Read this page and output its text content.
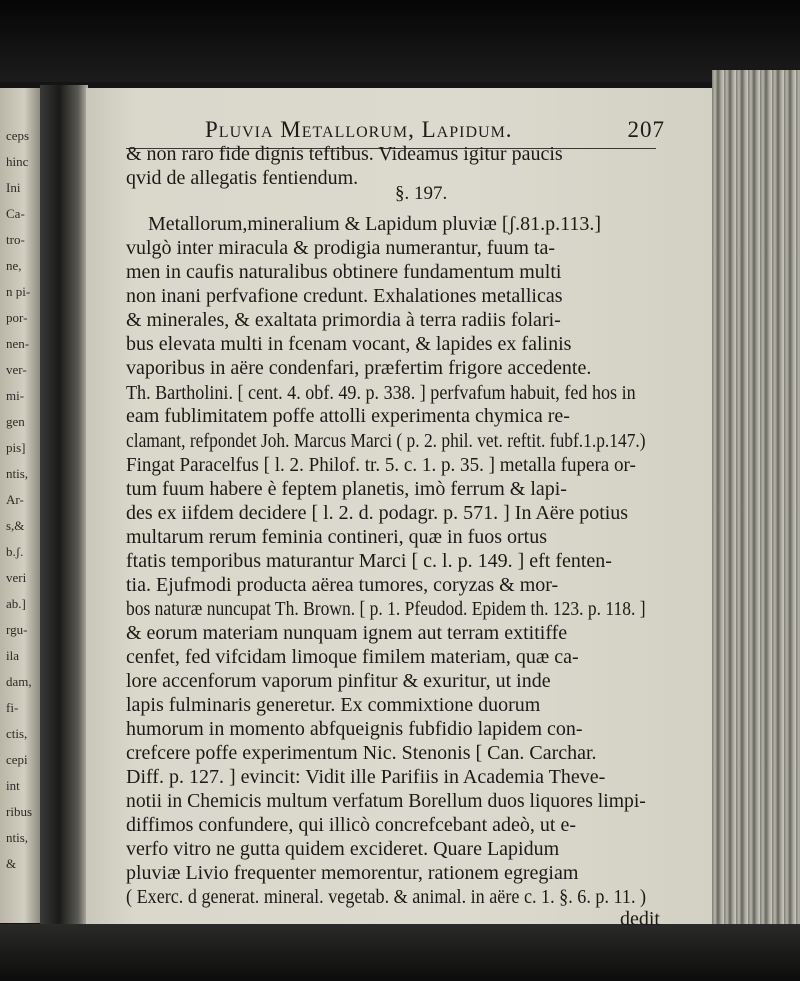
ceps
hinc
Ini
Ca-
tro-
ne,
n pi-
por-
nen-
ver-
mi-
gen
pis]
ntis,
Ar-
s,&
b.ʃ.
veri
ab.]
rgu-
ila
dam,
fi-
ctis,
cepi
int
ribus
ntis,
&
Pluvia Metallorum, Lapidum.	207
§. 197.
& non raro fide dignis teftibus. Videamus igitur paucis
qvid de allegatis fentiendum.
Metallorum,mineralium & Lapidum pluviæ [ʃ.81.p.113.]
vulgò inter miracula & prodigia numerantur, fuum ta-
men in caufis naturalibus obtinere fundamentum multi
non inani perfvafione credunt. Exhalationes metallicas
& minerales, & exaltata primordia à terra radiis folari-
bus elevata multi in fcenam vocant, & lapides ex falinis
vaporibus in aëre condenfari, præfertim frigore accedente.
Th. Bartholini. [ cent. 4. obf. 49. p. 338. ] perfvafum habuit, fed hos in
eam fublimitatem poffe attolli experimenta chymica re-
clamant, refpondet Joh. Marcus Marci ( p. 2. phil. vet. reftit. fubf.1.p.147.)
Fingat Paracelfus [ l. 2. Philof. tr. 5. c. 1. p. 35. ] metalla fupera or-
tum fuum habere è feptem planetis, imò ferrum & lapi-
des ex iifdem decidere [ l. 2. d. podagr. p. 571. ] In Aëre potius
multarum rerum feminia contineri, quæ in fuos ortus
ftatis temporibus maturantur Marci [ c. l. p. 149. ] eft fenten-
tia. Ejufmodi producta aërea tumores, coryzas & mor-
bos naturæ nuncupat Th. Brown. [ p. 1. Pfeudod. Epidem th. 123. p. 118. ]
& eorum materiam nunquam ignem aut terram extitiffe
cenfet, fed vifcidam limoque fimilem materiam, quæ ca-
lore accenforum vaporum pinfitur & exuritur, ut inde
lapis fulminaris generetur. Ex commixtione duorum
humorum in momento abfqueignis fubfidio lapidem con-
crefcere poffe experimentum Nic. Stenonis [ Can. Carchar.
Diff. p. 127. ] evincit: Vidit ille Parifiis in Academia Theve-
notii in Chemicis multum verfatum Borellum duos liquores limpi-
diffimos confundere, qui illicò concrefcebant adeò, ut e-
verfo vitro ne gutta quidem excideret. Quare Lapidum
pluviæ Livio frequenter memorentur, rationem egregiam
( Exerc. d generat. mineral. vegetab. & animal. in aëre c. 1. §. 6. p. 11. )
dedit
